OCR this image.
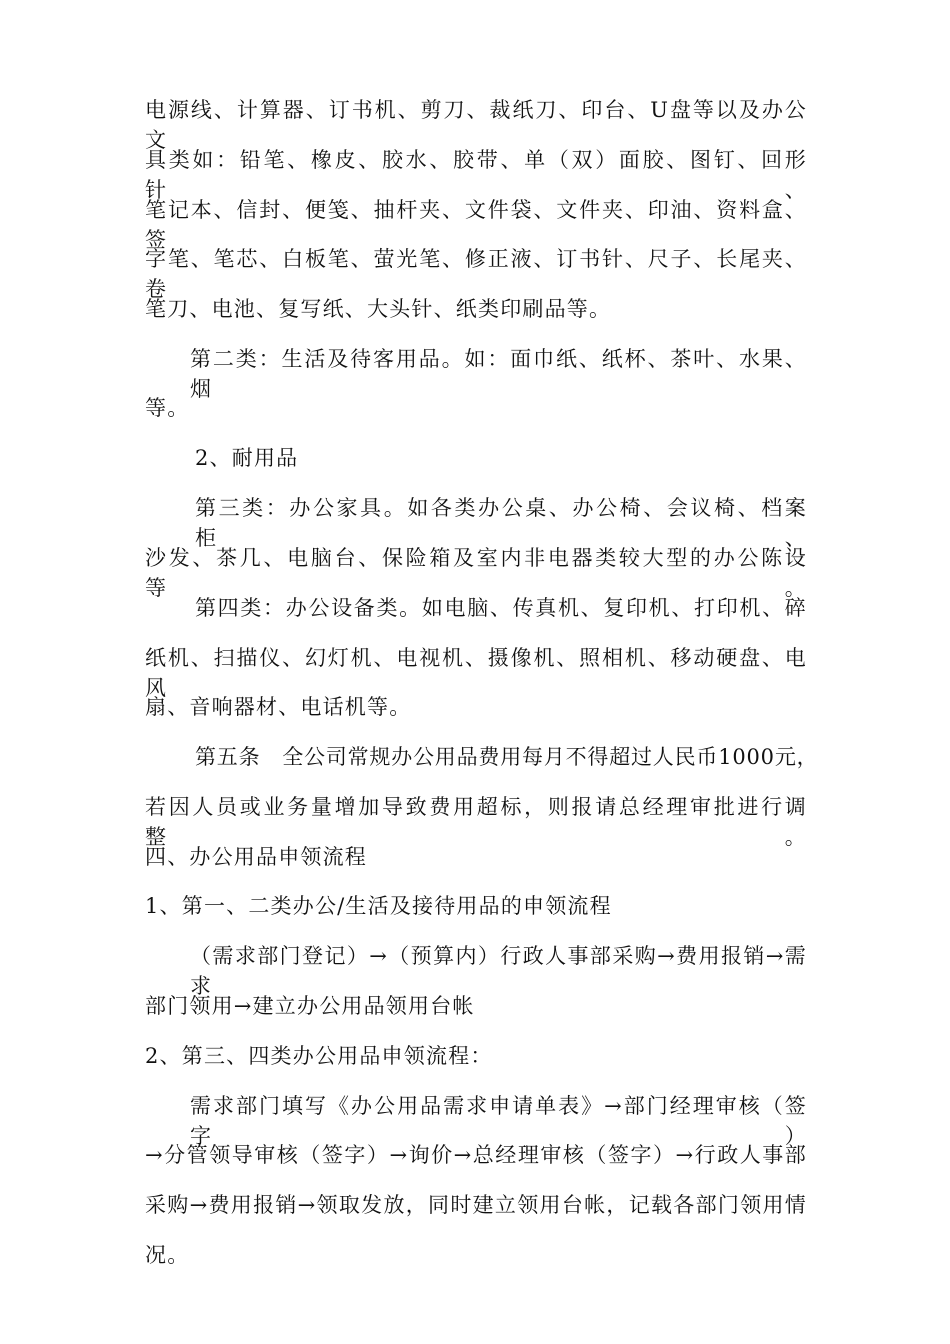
电源线、计算器、订书机、剪刀、裁纸刀、印台、U盘等以及办公文
具类如：铅笔、橡皮、胶水、胶带、单（双）面胶、图钉、回形针、
笔记本、信封、便笺、抽杆夹、文件袋、文件夹、印油、资料盒、签
字笔、笔芯、白板笔、萤光笔、修正液、订书针、尺子、长尾夹、卷
笔刀、电池、复写纸、大头针、纸类印刷品等。
第二类：生活及待客用品。如：面巾纸、纸杯、茶叶、水果、烟
等。
2、耐用品
第三类：办公家具。如各类办公桌、办公椅、会议椅、档案柜、
沙发、茶几、电脑台、保险箱及室内非电器类较大型的办公陈设等。
第四类：办公设备类。如电脑、传真机、复印机、打印机、碎
纸机、扫描仪、幻灯机、电视机、摄像机、照相机、移动硬盘、电风
扇、音响器材、电话机等。
第五条　全公司常规办公用品费用每月不得超过人民币1000元，
若因人员或业务量增加导致费用超标，则报请总经理审批进行调整。
四、办公用品申领流程
1、第一、二类办公/生活及接待用品的申领流程
（需求部门登记）→（预算内）行政人事部采购→费用报销→需求
部门领用→建立办公用品领用台帐
2、第三、四类办公用品申领流程：
需求部门填写《办公用品需求申请单表》→部门经理审核（签字）
→分管领导审核（签字）→询价→总经理审核（签字）→行政人事部
采购→费用报销→领取发放，同时建立领用台帐，记载各部门领用情
况。
